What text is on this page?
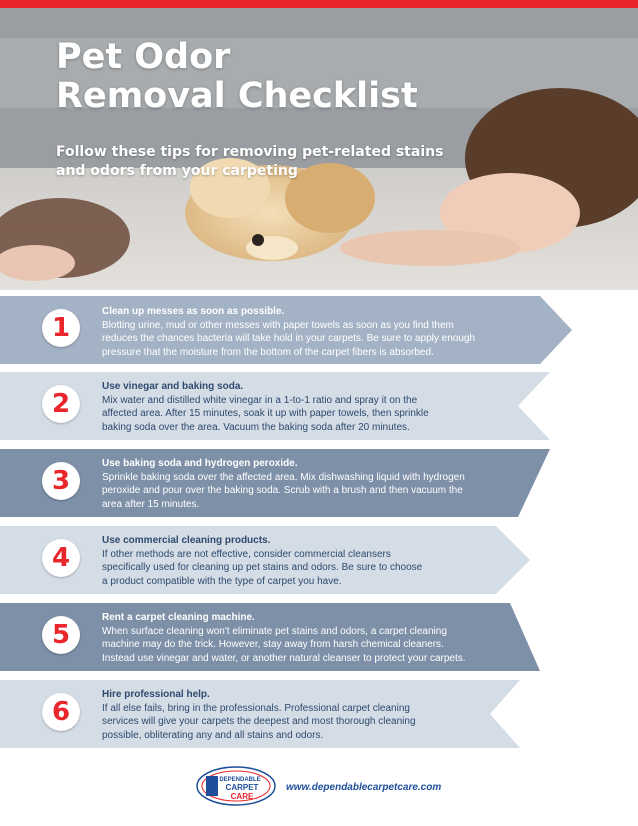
Pet Odor
Removal Checklist

Follow these tips for removing pet-related stains and odors from your carpeting

1
Clean up messes as soon as possible.
Blotting urine, mud or other messes with paper towels as soon as you find them
reduces the chances bacteria will take hold in your carpets. Be sure to apply enough
pressure that the moisture from the bottom of the carpet fibers is absorbed.
2
Use vinegar and baking soda.
Mix water and distilled white vinegar in a 1-to-1 ratio and spray it on the
affected area. After 15 minutes, soak it up with paper towels, then sprinkle
baking soda over the area. Vacuum the baking soda after 20 minutes.
3
Use baking soda and hydrogen peroxide.
Sprinkle baking soda over the affected area. Mix dishwashing liquid with hydrogen
peroxide and pour over the baking soda. Scrub with a brush and then vacuum the
area after 15 minutes.
4
Use commercial cleaning products.
If other methods are not effective, consider commercial cleansers
specifically used for cleaning up pet stains and odors. Be sure to choose
a product compatible with the type of carpet you have.
5
Rent a carpet cleaning machine.
When surface cleaning won't eliminate pet stains and odors, a carpet cleaning
machine may do the trick. However, stay away from harsh chemical cleaners.
Instead use vinegar and water, or another natural cleanser to protect your carpets.
6
Hire professional help.
If all else fails, bring in the professionals. Professional carpet cleaning
services will give your carpets the deepest and most thorough cleaning
possible, obliterating any and all stains and odors.
DEPENDABLE
CARPET
CARE
www.dependablecarpetcare.com
